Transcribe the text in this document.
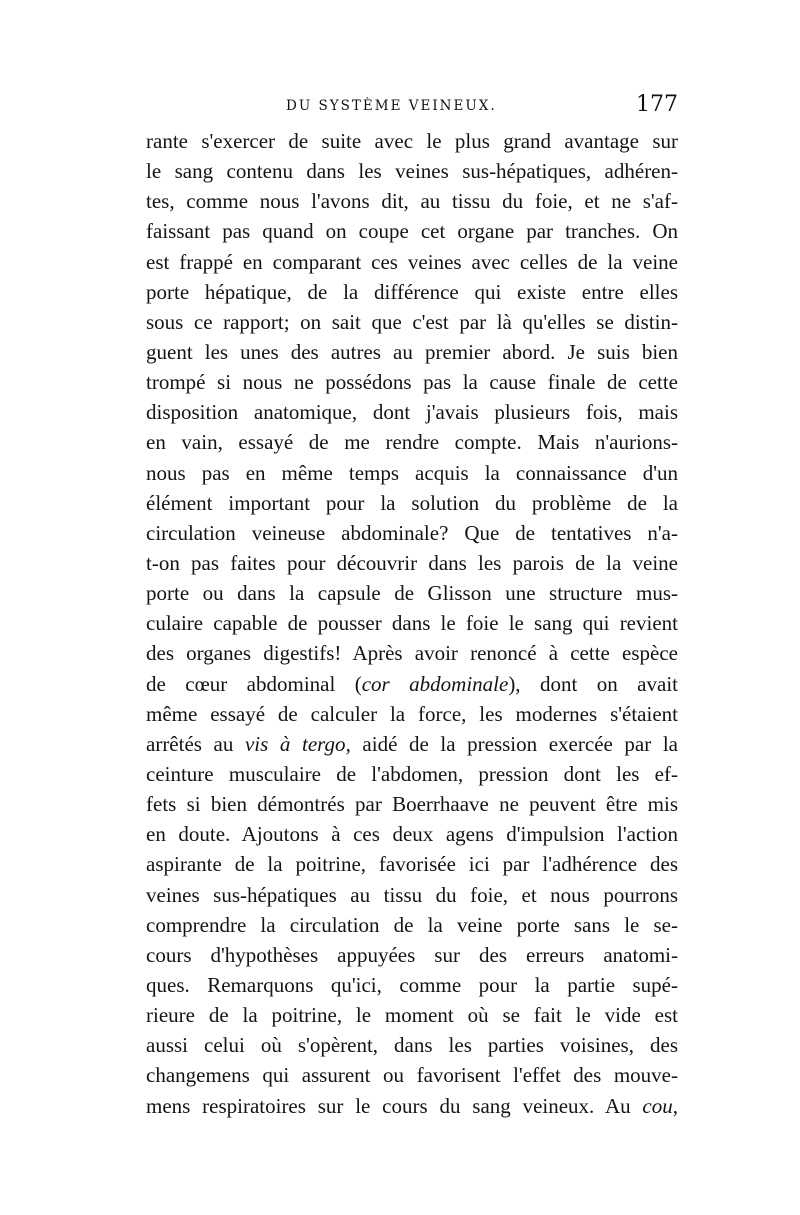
DU SYSTÈME VEINEUX.	177
rante s'exercer de suite avec le plus grand avantage sur
le sang contenu dans les veines sus-hépatiques, adhéren-
tes, comme nous l'avons dit, au tissu du foie, et ne s'af-
faissant pas quand on coupe cet organe par tranches. On
est frappé en comparant ces veines avec celles de la veine
porte hépatique, de la différence qui existe entre elles
sous ce rapport; on sait que c'est par là qu'elles se distin-
guent les unes des autres au premier abord. Je suis bien
trompé si nous ne possédons pas la cause finale de cette
disposition anatomique, dont j'avais plusieurs fois, mais
en vain, essayé de me rendre compte. Mais n'aurions-
nous pas en même temps acquis la connaissance d'un
élément important pour la solution du problème de la
circulation veineuse abdominale? Que de tentatives n'a-
t-on pas faites pour découvrir dans les parois de la veine
porte ou dans la capsule de Glisson une structure mus-
culaire capable de pousser dans le foie le sang qui revient
des organes digestifs! Après avoir renoncé à cette espèce
de cœur abdominal (cor abdominale), dont on avait
même essayé de calculer la force, les modernes s'étaient
arrêtés au vis à tergo, aidé de la pression exercée par la
ceinture musculaire de l'abdomen, pression dont les ef-
fets si bien démontrés par Boerrhaave ne peuvent être mis
en doute. Ajoutons à ces deux agens d'impulsion l'action
aspirante de la poitrine, favorisée ici par l'adhérence des
veines sus-hépatiques au tissu du foie, et nous pourrons
comprendre la circulation de la veine porte sans le se-
cours d'hypothèses appuyées sur des erreurs anatomi-
ques. Remarquons qu'ici, comme pour la partie supé-
rieure de la poitrine, le moment où se fait le vide est
aussi celui où s'opèrent, dans les parties voisines, des
changemens qui assurent ou favorisent l'effet des mouve-
mens respiratoires sur le cours du sang veineux. Au cou,
